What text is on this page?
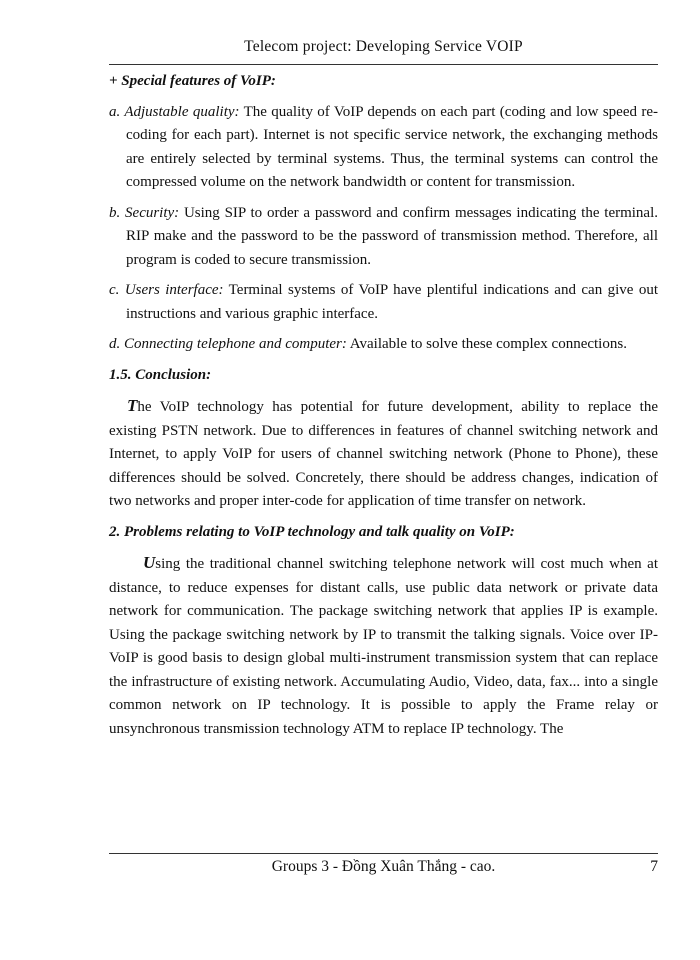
Telecom project: Developing Service VOIP

+ Special features of VoIP:

a. Adjustable quality: The quality of VoIP depends on each part (coding and low speed re-coding for each part). Internet is not specific service network, the exchanging methods are entirely selected by terminal systems. Thus, the terminal systems can control the compressed volume on the network bandwidth or content for transmission.

b. Security: Using SIP to order a password and confirm messages indicating the terminal. RIP make and the password to be the password of transmission method. Therefore, all program is coded to secure transmission.

c. Users interface: Terminal systems of VoIP have plentiful indications and can give out instructions and various graphic interface.

d. Connecting telephone and computer: Available to solve these complex connections.

1.5. Conclusion:

The VoIP technology has potential for future development, ability to replace the existing PSTN network. Due to differences in features of channel switching network and Internet, to apply VoIP for users of channel switching network (Phone to Phone), these differences should be solved. Concretely, there should be address changes, indication of two networks and proper inter-code for application of time transfer on network.

2. Problems relating to VoIP technology and talk quality on VoIP:

Using the traditional channel switching telephone network will cost much when at distance, to reduce expenses for distant calls, use public data network or private data network for communication. The package switching network that applies IP is example. Using the package switching network by IP to transmit the talking signals. Voice over IP-VoIP is good basis to design global multi-instrument transmission system that can replace the infrastructure of existing network. Accumulating Audio, Video, data, fax... into a single common network on IP technology. It is possible to apply the Frame relay or unsynchronous transmission technology ATM to replace IP technology. The

Groups 3 - Đồng Xuân Thắng - cao.	7
